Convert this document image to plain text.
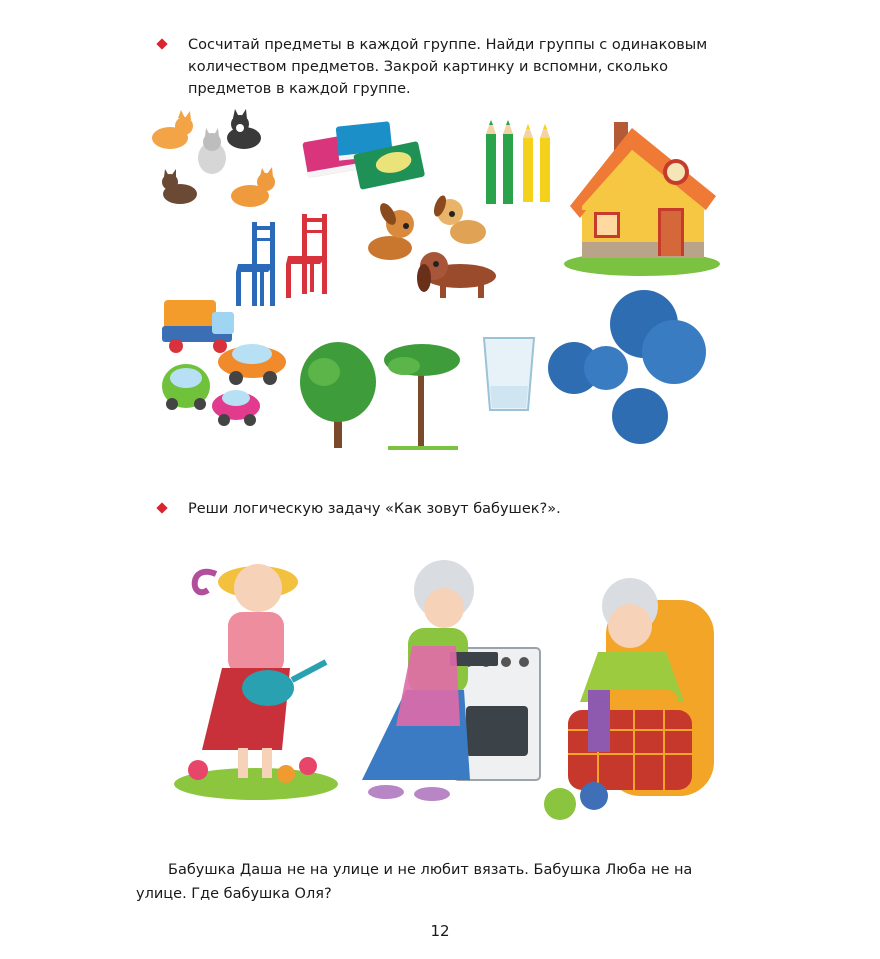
Сосчитай предметы в каждой группе. Найди группы с одинаковым количеством предметов. Закрой картинку и вспомни, сколько предметов в каждой группе.
Реши логическую задачу «Как зовут бабушек?».
Бабушка Даша не на улице и не любит вязать. Бабушка Люба не на улице. Где бабушка Оля?
12
